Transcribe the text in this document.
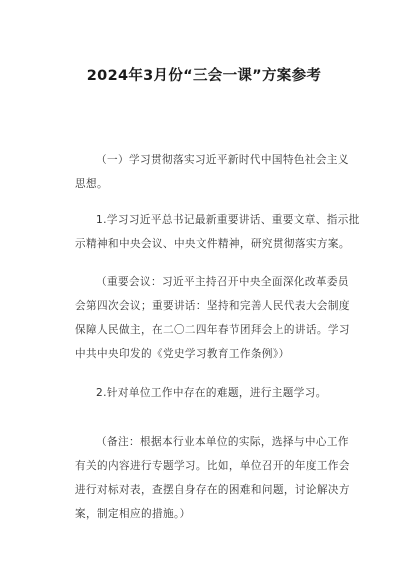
2024年3月份“三会一课”方案参考

（一）学习贯彻落实习近平新时代中国特色社会主义
思想。

1.学习习近平总书记最新重要讲话、重要文章、指示批
示精神和中央会议、中央文件精神，研究贯彻落实方案。

（重要会议：习近平主持召开中央全面深化改革委员
会第四次会议；重要讲话：坚持和完善人民代表大会制度
保障人民做主，在二〇二四年春节团拜会上的讲话。学习
中共中央印发的《党史学习教育工作条例》）

2.针对单位工作中存在的难题，进行主题学习。

（备注：根据本行业本单位的实际，选择与中心工作
有关的内容进行专题学习。比如，单位召开的年度工作会
进行对标对表，查摆自身存在的困难和问题，讨论解决方
案，制定相应的措施。）
